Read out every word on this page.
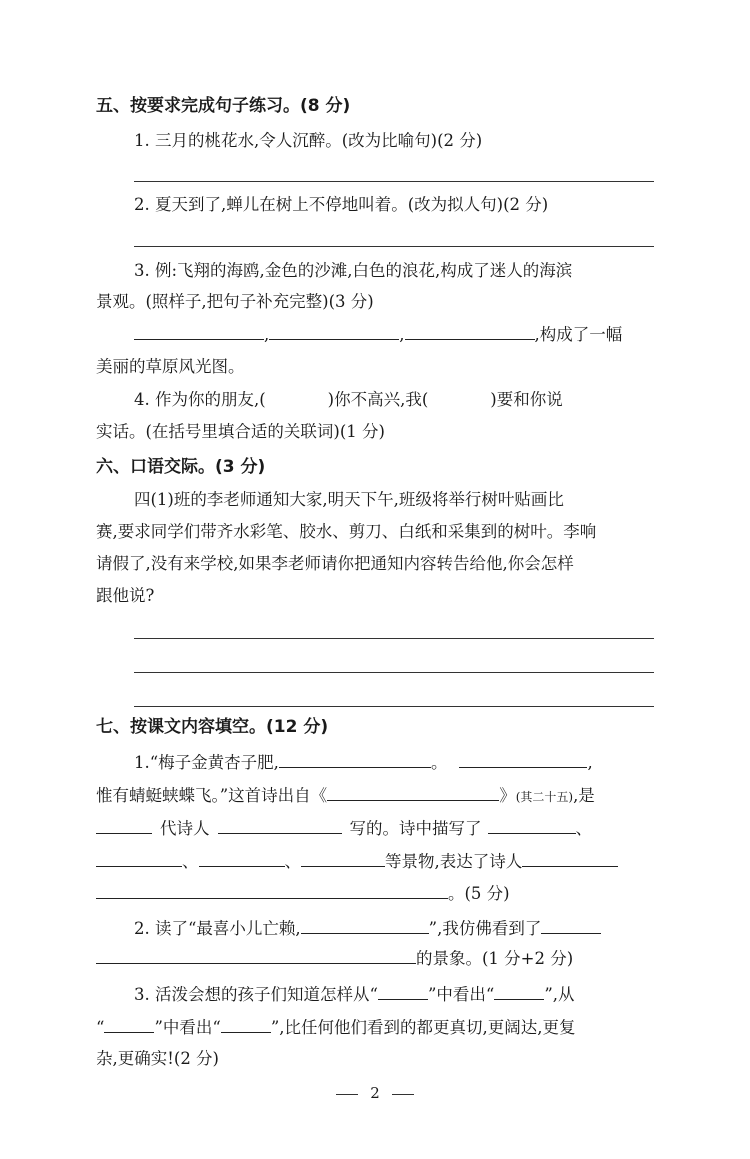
五、按要求完成句子练习。(8 分)
1. 三月的桃花水,令人沉醉。(改为比喻句)(2 分)
2. 夏天到了,蝉儿在树上不停地叫着。(改为拟人句)(2 分)
3. 例:飞翔的海鸥,金色的沙滩,白色的浪花,构成了迷人的海滨
景观。(照样子,把句子补充完整)(3 分)
,	,	,构成了一幅
美丽的草原风光图。
4. 作为你的朋友,(	)你不高兴,我(	)要和你说
实话。(在括号里填合适的关联词)(1 分)
六、口语交际。(3 分)
四(1)班的李老师通知大家,明天下午,班级将举行树叶贴画比
赛,要求同学们带齐水彩笔、胶水、剪刀、白纸和采集到的树叶。李响
请假了,没有来学校,如果李老师请你把通知内容转告给他,你会怎样
跟他说?
七、按课文内容填空。(12 分)
1.“梅子金黄杏子肥,	。	,
惟有蜻蜓蛱蝶飞。”这首诗出自《	》(其二十五),是
代诗人	写的。诗中描写了	、
、	、	等景物,表达了诗人
。(5 分)
2. 读了“最喜小儿亡赖,	”,我仿佛看到了
的景象。(1 分+2 分)
3. 活泼会想的孩子们知道怎样从“	”中看出“	”,从
“	”中看出“	”,比任何他们看到的都更真切,更阔达,更复
杂,更确实!(2 分)
2
